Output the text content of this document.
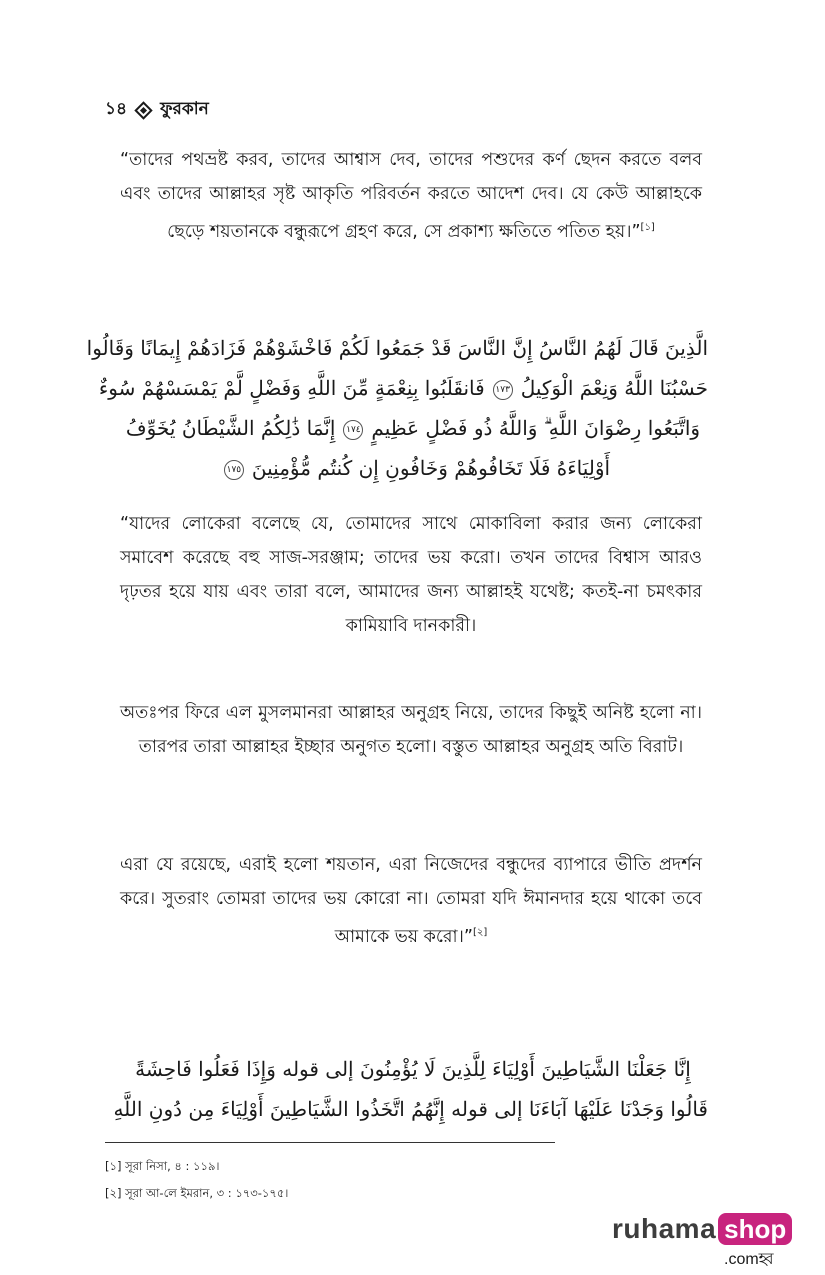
১৪ ফুরকান

“তাদের পথভ্রষ্ট করব, তাদের আশ্বাস দেব, তাদের পশুদের কর্ণ ছেদন করতে বলব এবং তাদের আল্লাহর সৃষ্ট আকৃতি পরিবর্তন করতে আদেশ দেব। যে কেউ আল্লাহকে ছেড়ে শয়তানকে বন্ধুরূপে গ্রহণ করে, সে প্রকাশ্য ক্ষতিতে পতিত হয়।”[১]

الَّذِينَ قَالَ لَهُمُ النَّاسُ إِنَّ النَّاسَ قَدْ جَمَعُوا لَكُمْ فَاخْشَوْهُمْ فَزَادَهُمْ إِيمَانًا وَقَالُوا
حَسْبُنَا اللَّهُ وَنِعْمَ الْوَكِيلُ١٧٣فَانقَلَبُوا بِنِعْمَةٍ مِّنَ اللَّهِ وَفَضْلٍ لَّمْ يَمْسَسْهُمْ سُوءٌ
وَاتَّبَعُوا رِضْوَانَ اللَّهِ ۗ وَاللَّهُ ذُو فَضْلٍ عَظِيمٍ١٧٤إِنَّمَا ذَٰلِكُمُ الشَّيْطَانُ يُخَوِّفُ
أَوْلِيَاءَهُ فَلَا تَخَافُوهُمْ وَخَافُونِ إِن كُنتُم مُّؤْمِنِينَ١٧٥

“যাদের লোকেরা বলেছে যে, তোমাদের সাথে মোকাবিলা করার জন্য লোকেরা সমাবেশ করেছে বহু সাজ-সরঞ্জাম; তাদের ভয় করো। তখন তাদের বিশ্বাস আরও দৃঢ়তর হয়ে যায় এবং তারা বলে, আমাদের জন্য আল্লাহই যথেষ্ট; কতই-না চমৎকার কামিয়াবি দানকারী।

অতঃপর ফিরে এল মুসলমানরা আল্লাহর অনুগ্রহ নিয়ে, তাদের কিছুই অনিষ্ট হলো না। তারপর তারা আল্লাহর ইচ্ছার অনুগত হলো। বস্তুত আল্লাহর অনুগ্রহ অতি বিরাট।

এরা যে রয়েছে, এরাই হলো শয়তান, এরা নিজেদের বন্ধুদের ব্যাপারে ভীতি প্রদর্শন করে। সুতরাং তোমরা তাদের ভয় কোরো না। তোমরা যদি ঈমানদার হয়ে থাকো তবে আমাকে ভয় করো।”[২]

إِنَّا جَعَلْنَا الشَّيَاطِينَ أَوْلِيَاءَ لِلَّذِينَ لَا يُؤْمِنُونَ إلى قوله وَإِذَا فَعَلُوا فَاحِشَةً
قَالُوا وَجَدْنَا عَلَيْهَا آبَاءَنَا إلى قوله إِنَّهُمُ اتَّخَذُوا الشَّيَاطِينَ أَوْلِيَاءَ مِن دُونِ اللَّهِ
[১] সূরা নিসা, ৪ : ১১৯।
[২] সূরা আ-লে ইমরান, ৩ : ১৭৩-১৭৫।
ruhama shop
.comহ্ব
